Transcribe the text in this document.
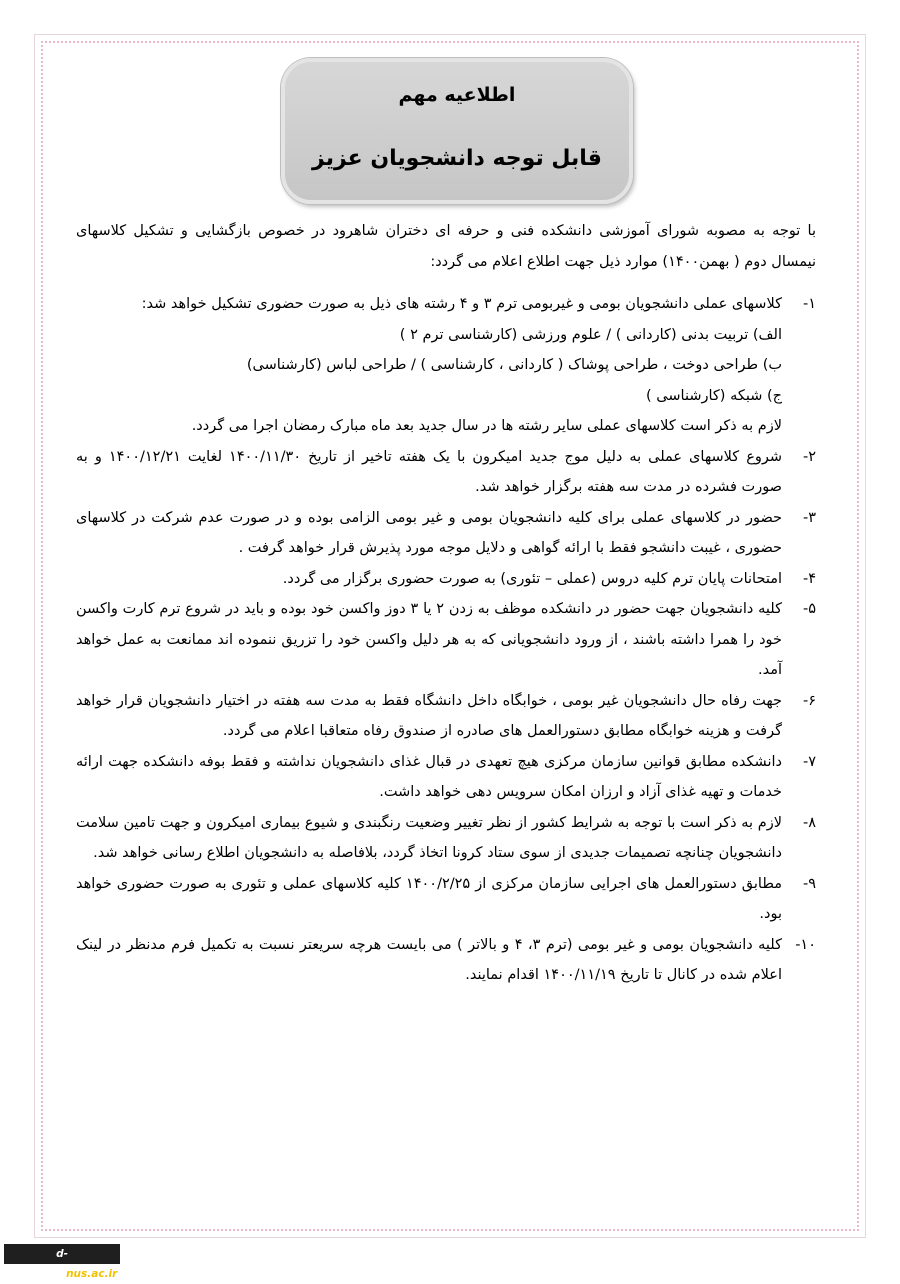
اطلاعیه مهم
قابل توجه دانشجویان عزیز

با توجه به مصوبه شورای آموزشی دانشکده فنی و حرفه ای دختران شاهرود در خصوص بازگشایی و تشکیل کلاسهای نیمسال دوم ( بهمن۱۴۰۰) موارد ذیل جهت اطلاع اعلام می گردد:

۱-

کلاسهای عملی دانشجویان بومی و غیربومی ترم ۳ و ۴ رشته های ذیل به صورت حضوری تشکیل خواهد شد:

الف) تربیت بدنی (کاردانی ) / علوم ورزشی (کارشناسی ترم ۲ )

ب) طراحی دوخت ، طراحی پوشاک ( کاردانی ، کارشناسی ) / طراحی لباس (کارشناسی)

ج) شبکه (کارشناسی )

لازم به ذکر است کلاسهای عملی سایر رشته ها در سال جدید بعد ماه مبارک رمضان اجرا می گردد.

۲-

شروع کلاسهای عملی به دلیل موج جدید امیکرون با یک هفته تاخیر از تاریخ ۱۴۰۰/۱۱/۳۰ لغایت ۱۴۰۰/۱۲/۲۱ و به صورت فشرده در مدت سه هفته برگزار خواهد شد.

۳-

حضور در کلاسهای عملی برای کلیه دانشجویان بومی و غیر بومی الزامی بوده و در صورت عدم شرکت در کلاسهای حضوری ، غیبت دانشجو فقط با ارائه گواهی و دلایل موجه مورد پذیرش قرار خواهد گرفت .

۴-

امتحانات پایان ترم کلیه دروس (عملی – تئوری) به صورت حضوری برگزار می گردد.

۵-

کلیه دانشجویان جهت حضور در دانشکده موظف به زدن ۲ یا ۳ دوز واکسن خود بوده و باید در شروع ترم کارت واکسن خود را همرا داشته باشند ، از ورود دانشجویانی که به هر دلیل واکسن خود را تزریق ننموده اند ممانعت به عمل خواهد آمد.

۶-

جهت رفاه حال دانشجویان غیر بومی ، خوابگاه داخل دانشگاه فقط به مدت سه هفته در اختیار دانشجویان قرار خواهد گرفت و هزینه خوابگاه مطابق دستورالعمل های صادره از صندوق رفاه متعاقبا اعلام می گردد.

۷-

دانشکده مطابق قوانین سازمان مرکزی هیچ تعهدی در قبال غذای دانشجویان نداشته و فقط بوفه دانشکده جهت ارائه خدمات و تهیه غذای آزاد و ارزان امکان سرویس دهی خواهد داشت.

۸-

لازم به ذکر است با توجه به شرایط کشور از نظر تغییر وضعیت رنگبندی و شیوع بیماری امیکرون و جهت تامین سلامت دانشجویان چنانچه تصمیمات جدیدی از سوی ستاد کرونا اتخاذ گردد، بلافاصله به دانشجویان اطلاع رسانی خواهد شد.

۹-

مطابق دستورالعمل های اجرایی سازمان مرکزی از ۱۴۰۰/۲/۲۵ کلیه کلاسهای عملی و تئوری به صورت حضوری خواهد بود.

۱۰-

کلیه دانشجویان بومی و غیر بومی (ترم ۳، ۴ و بالاتر ) می بایست هرچه سریعتر نسبت به تکمیل فرم مدنظر در لینک اعلام شده در کانال تا تاریخ ۱۴۰۰/۱۱/۱۹ اقدام نمایند.

d-shahrood.nus.ac.ir
